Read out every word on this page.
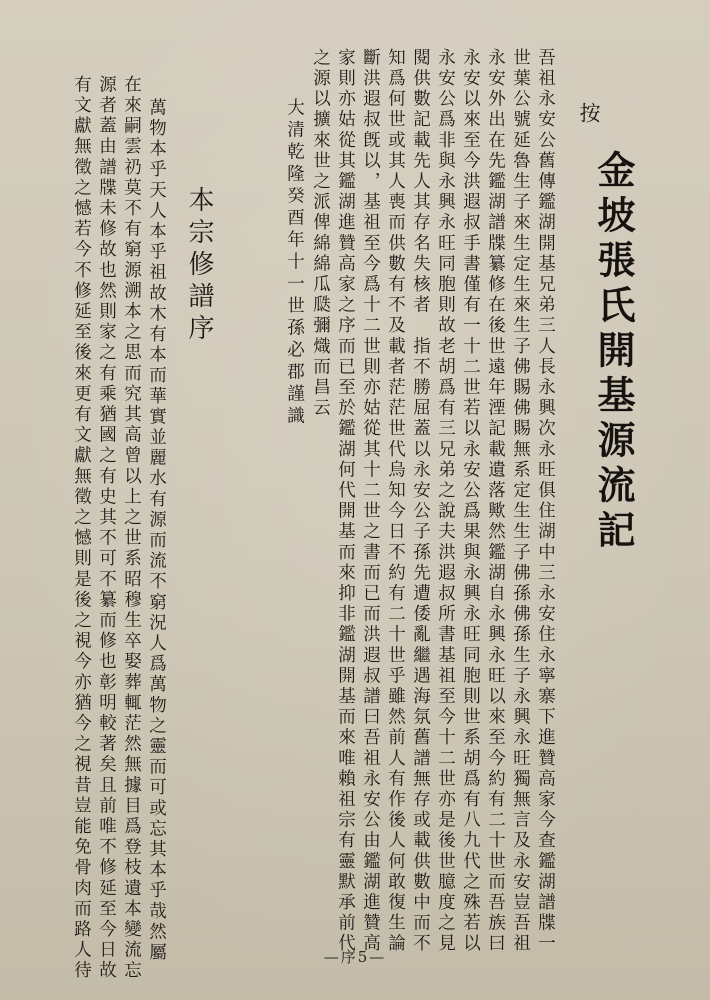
金坡張氏開基源流記
按
吾祖永安公舊傳鑑湖開基兄弟三人長永興次永旺俱住湖中三永安住永寧寨下進贊高家今查鑑湖譜牒一
世葉公號延魯生子來生定生來生子佛賜佛賜無系定生生子佛孫佛孫生子永興永旺獨無言及永安豈吾祖
永安外出在先鑑湖譜牒纂修在後世遠年湮記載遺落歟然鑑湖自永興永旺以來至今約有二十世而吾族曰
永安以來至今洪遐叔手書僅有一十二世若以永安公爲果與永興永旺同胞則世系胡爲有八九代之殊若以
永安公爲非與永興永旺同胞則故老胡爲有三兄弟之說夫洪遐叔所書基祖至今十二世亦是後世臆度之見
閱供數記載先人其存名失核者　指不勝屈蓋以永安公子孫先遭倭亂繼遇海氛舊譜無存或載供數中而不
知爲何世或其人喪而供數有不及載者茫茫世代烏知今日不約有二十世乎雖然前人有作後人何敢復生論
斷洪遐叔旣以，基祖至今爲十二世則亦姑從其十二世之書而已而洪遐叔譜曰吾祖永安公由鑑湖進贊高
家則亦姑從其鑑湖進贊高家之序而已至於鑑湖何代開基而來抑非鑑湖開基而來唯賴祖宗有靈默承前代
之源以擴來世之派俾綿綿瓜瓞彌熾而昌云
大清乾隆癸酉年十一世孫必郡謹識
本宗修譜序
萬物本乎天人本乎祖故木有本而華實並麗水有源而流不窮況人爲萬物之靈而可或忘其本乎哉然屬
在來嗣雲礽莫不有窮源溯本之思而究其高曾以上之世系昭穆生卒娶葬輒茫然無據目爲登枝遺本變流忘
源者蓋由譜牒未修故也然則家之有乘猶國之有史其不可不纂而修也彰明較著矣且前唯不修延至今日故
有文獻無徵之憾若今不修延至後來更有文獻無徵之憾則是後之視今亦猶今之視昔豈能免骨肉而路人待	—序5—
